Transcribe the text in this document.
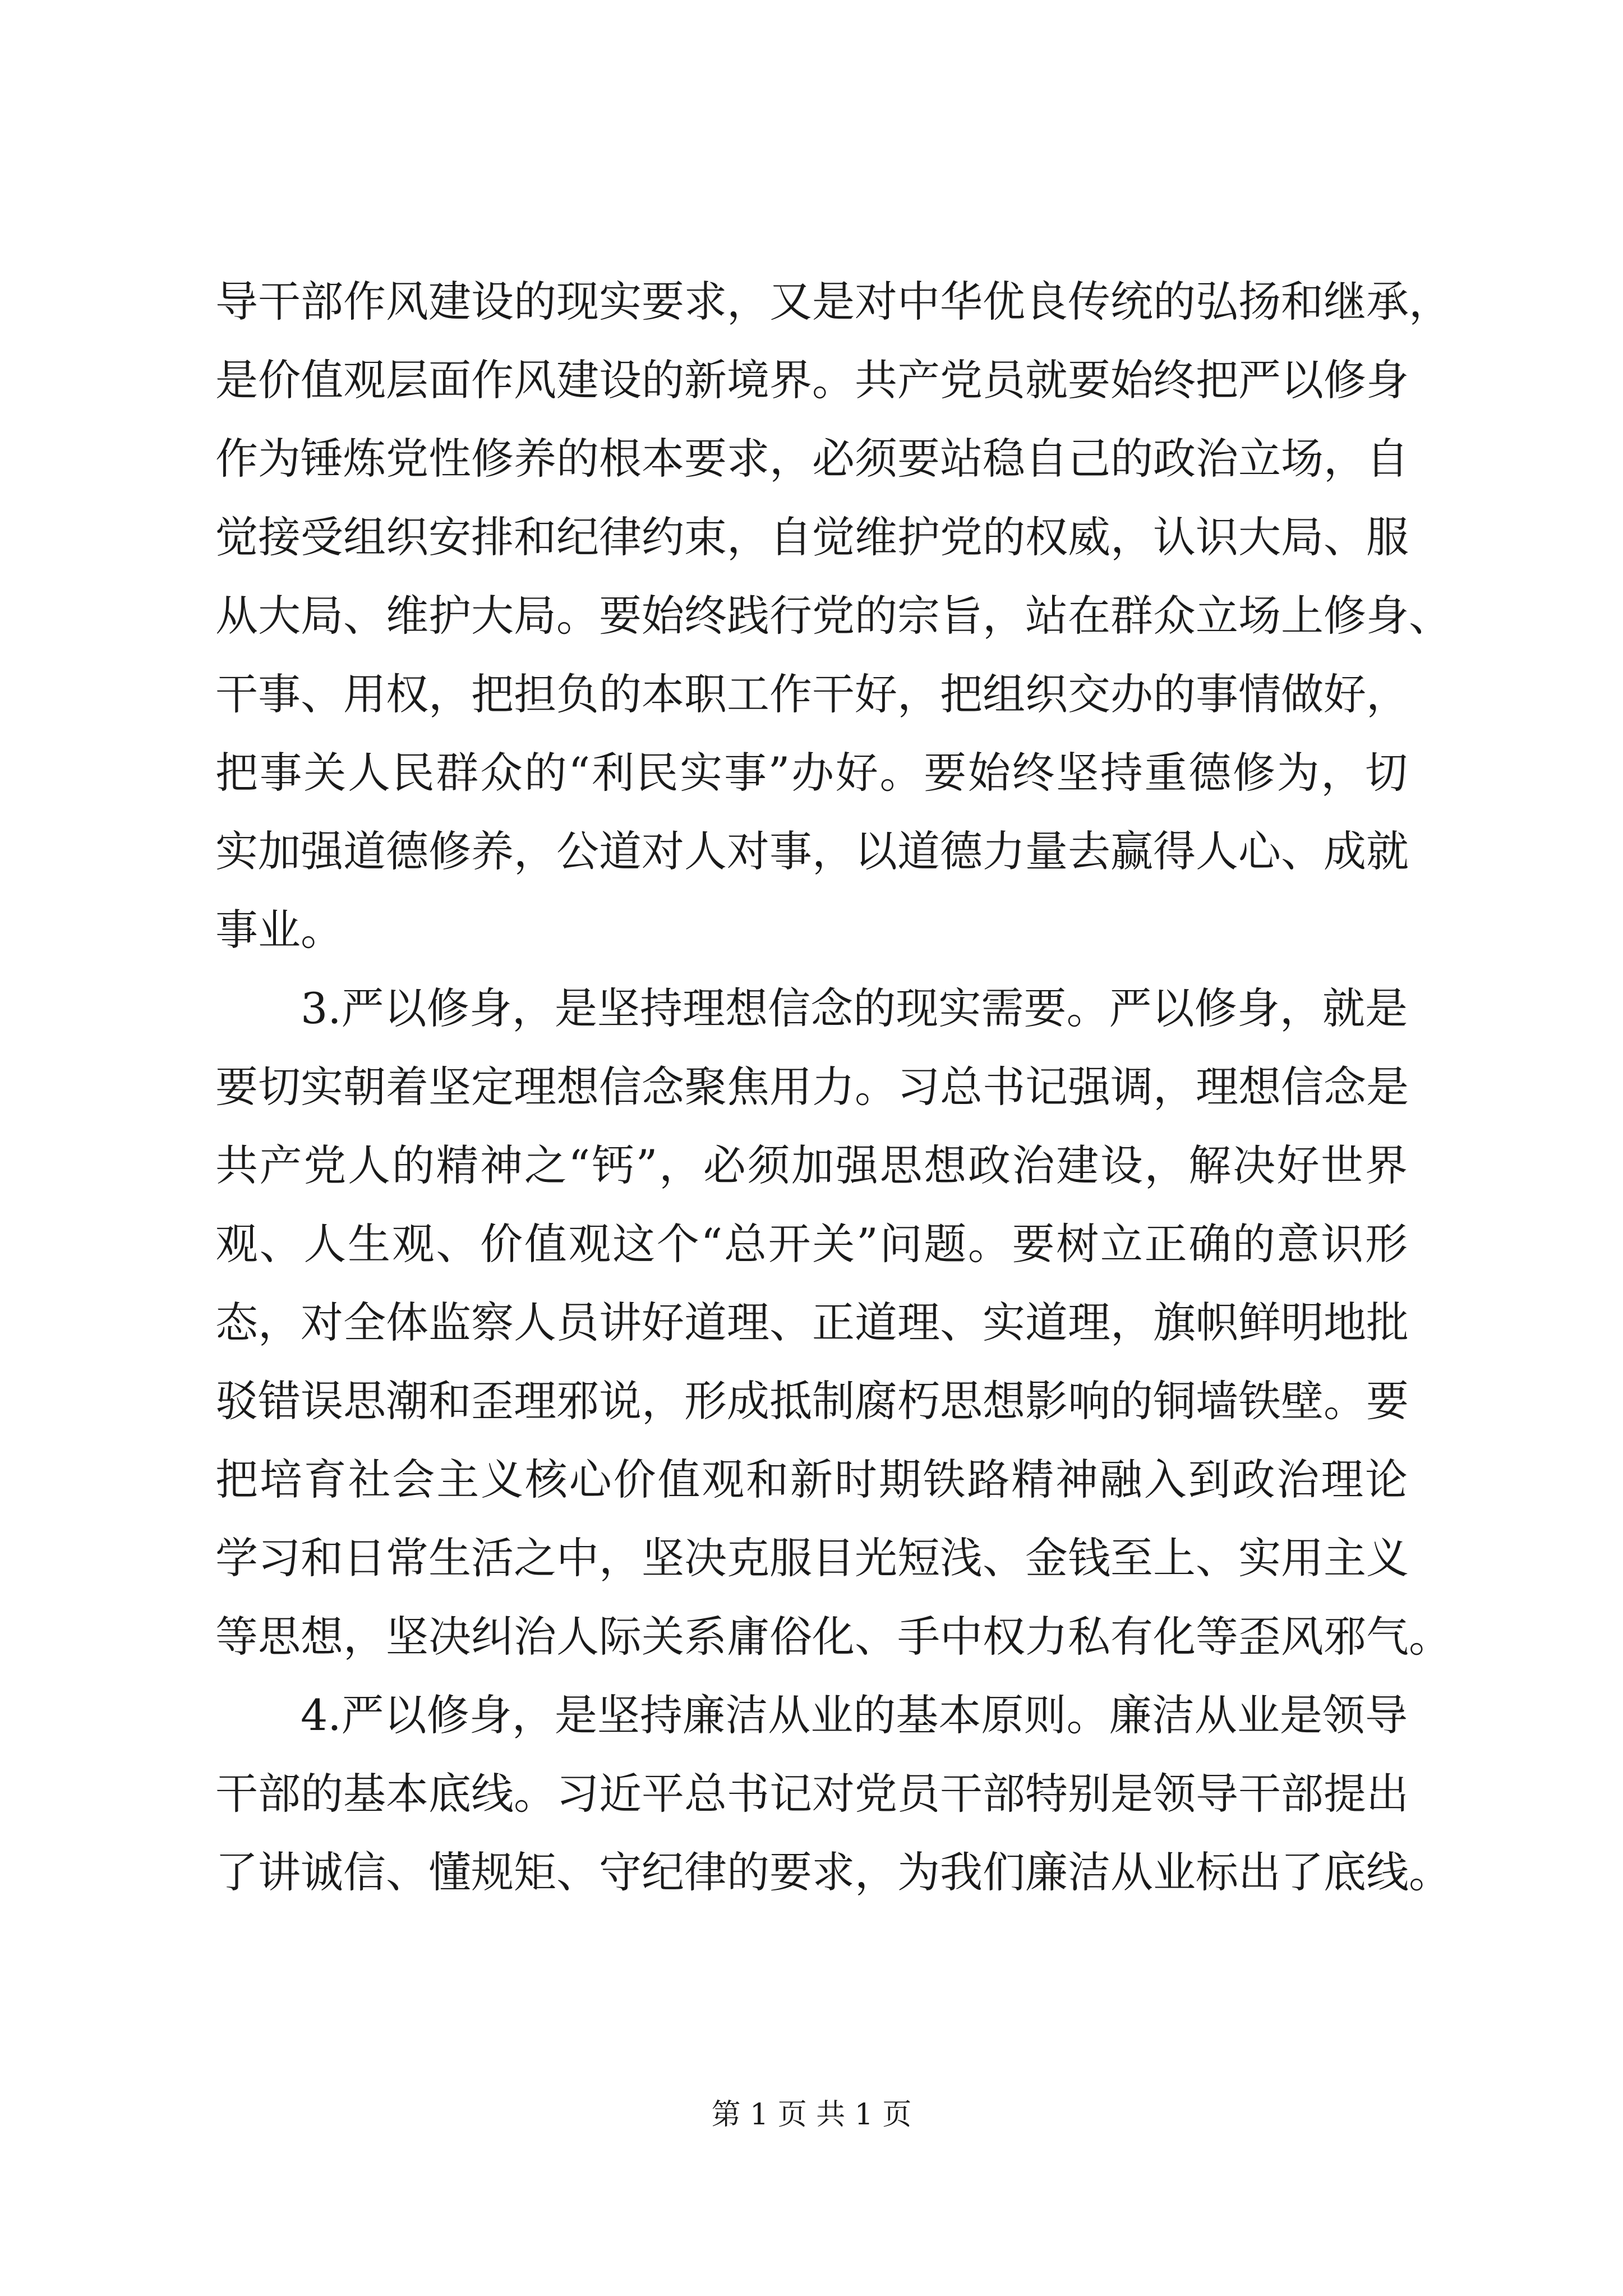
导干部作风建设的现实要求，又是对中华优良传统的弘扬和继承，
是价值观层面作风建设的新境界。共产党员就要始终把严以修身
作为锤炼党性修养的根本要求，必须要站稳自己的政治立场，自
觉接受组织安排和纪律约束，自觉维护党的权威，认识大局、服
从大局、维护大局。要始终践行党的宗旨，站在群众立场上修身、
干事、用权，把担负的本职工作干好，把组织交办的事情做好，
把事关人民群众的“利民实事”办好。要始终坚持重德修为，切
实加强道德修养，公道对人对事，以道德力量去赢得人心、成就
事业。
3.严以修身，是坚持理想信念的现实需要。严以修身，就是
要切实朝着坚定理想信念聚焦用力。习总书记强调，理想信念是
共产党人的精神之“钙”，必须加强思想政治建设，解决好世界
观、人生观、价值观这个“总开关”问题。要树立正确的意识形
态，对全体监察人员讲好道理、正道理、实道理，旗帜鲜明地批
驳错误思潮和歪理邪说，形成抵制腐朽思想影响的铜墙铁壁。要
把培育社会主义核心价值观和新时期铁路精神融入到政治理论
学习和日常生活之中，坚决克服目光短浅、金钱至上、实用主义
等思想，坚决纠治人际关系庸俗化、手中权力私有化等歪风邪气。
4.严以修身，是坚持廉洁从业的基本原则。廉洁从业是领导
干部的基本底线。习近平总书记对党员干部特别是领导干部提出
了讲诚信、懂规矩、守纪律的要求，为我们廉洁从业标出了底线。
第 1 页 共 1 页
